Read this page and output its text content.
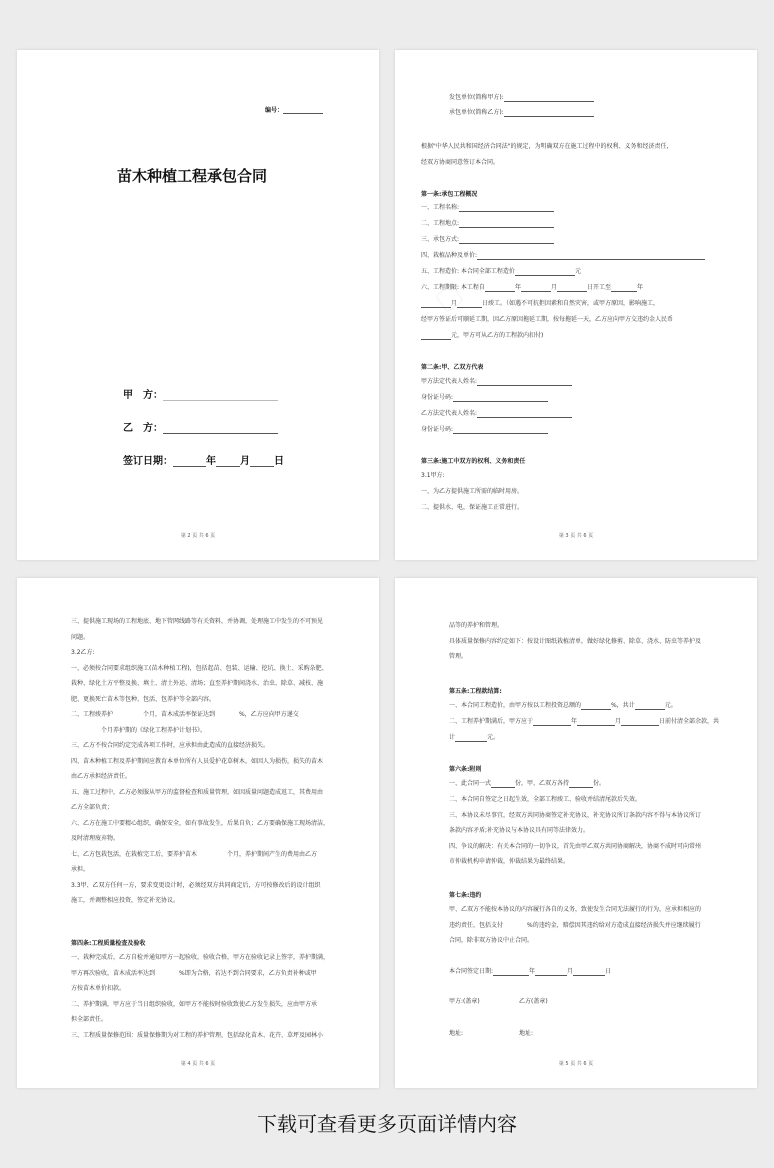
编号：
苗木种植工程承包合同
甲　方：
乙　方：
签订日期：	年 月 日
第 2 页 共 6 页
发包单位(简称甲方):
承包单位(简称乙方):
根据"中华人民共和国经济合同法"的规定，为明确双方在施工过程中的权利、义务和经济责任，
经双方协商同意签订本合同。
第一条:承包工程概况
一、工程名称:
二、工程地点:
三、承包方式:
四、栽植品种及单价:
五、工程造价: 本合同全部工程造价	元
六、工程期限: 本工程自	年	月	日开工至	年
月	日竣工。（如遇不可抗拒因素和自然灾害，或甲方原因，影响施工，
经甲方签证后可顺延工期，因乙方原因拖延工期，按每拖延一天，乙方应向甲方交违约金人民币
元，甲方可从乙方的工程款内扣付)
第二条:甲、乙双方代表
甲方法定代表人姓名:
身份证号码:
乙方法定代表人姓名:
身份证号码:
第三条:施工中双方的权利、义务和责任
3.1甲方:
一、为乙方提供施工所需的临时用房。
二、提供水、电，保证施工正常进行。
第 3 页 共 6 页
三、提供施工现场的工程地底、地下管网线路等有关资料，并协调，处理施工中发生的不可预见
问题。
3.2乙方:
一、必须按合同要求组织施工(苗木种植工程)，包括起苗、包装、运输、挖坑、换土、采购杂肥、
栽种、绿化土方平整及换、填土、清土外运、清场；直至养护期间浇水、治虫、除草、减枝、施
肥、更换死亡苗木等包种、包活、包养护等全部内容。
二、工程竣养护　　　　　个月，苗木成活率保证达到　　　　%，乙方应向甲方递交
　　　　　个月养护期的《绿化工程养护计划书》。
三、乙方不按合同约定完成各项工作时，应承担由此造成的直接经济损失。
四、苗木种植工程及养护期间应教育本单位所有人员爱护花草树木，如因人为损伤，损失的苗木
由乙方承担经济责任。
五、施工过程中，乙方必须服从甲方的监督检查和质量管理，如因质量问题造成返工，其费用由
乙方全部负责；
六、乙方在施工中要精心组织，确保安全，如有事故发生，后果自负；乙方要确保施工现场清洁，
及时清理废弃物。
七、乙方包栽包活，在栽植完工后，要养护苗木　　　　　个月，养护期间产生的费用由乙方
承担。
3.3甲、乙双方任何一方，要求变更设计时，必须经双方共同商定后，方可按修改后的设计组织
施工，并调整相应投资，签定补充协议。
第四条:工程质量检查及验收
一、栽种完成后，乙方自检并通知甲方一起验收，验收合格，甲方在验收记录上签字，养护期满，
甲方再次验收，苗木成活率达到　　　　%即为合格，若达不到合同要求，乙方负责补种或甲
方按苗木单价扣款。
二、养护期满，甲方应于当日组织验收，如甲方不能按时验收致使乙方发生损失，应由甲方承
担全部责任。
三、工程质量保修范围：质量保修期为对工程的养护管理，包括绿化苗木、花卉、草坪及园林小
第 4 页 共 6 页
品等的养护和管理。
具体质量保修内容约定如下：按设计图纸栽植清单，做好绿化修剪、除草、浇水、防虫等养护及
管理。
第五条:工程款结算:
一、本合同工程造价，由甲方按以工程投资总额的	%，共计	元。
二、工程养护期满后，甲方应于	年	月	日前付清全部余款，共
计	元。
第六条:附则
一、此合同一式	份，甲、乙双方各持	份。
二、本合同自签定之日起生效，全部工程竣工、验收并结清尾款后失效。
三、本协议未尽事宜，经双方共同协商签定补充协议，补充协议所订条款内容不得与本协议所订
条款内容矛盾;补充协议与本协议具有同等法律效力。
四、争议的解决：有关本合同的一切争议，首先由甲乙双方共同协商解决，协商不成时可向常州
市仲裁机构申请仲裁，仲裁结果为最终结果。
第七条:违约
甲、乙双方不能按本协议的内容履行各自的义务，致使发生合同无法履行的行为，应承担相应的
违约责任，包括支付　　　　%的违约金，赔偿因其违约给对方造成直接经济损失并应继续履行
合同，除非双方协议中止合同。
本合同签定日期:	年	月	日
甲方:(盖章)	乙方(盖章)
地址:	地址:
第 5 页 共 6 页
下载可查看更多页面详情内容
